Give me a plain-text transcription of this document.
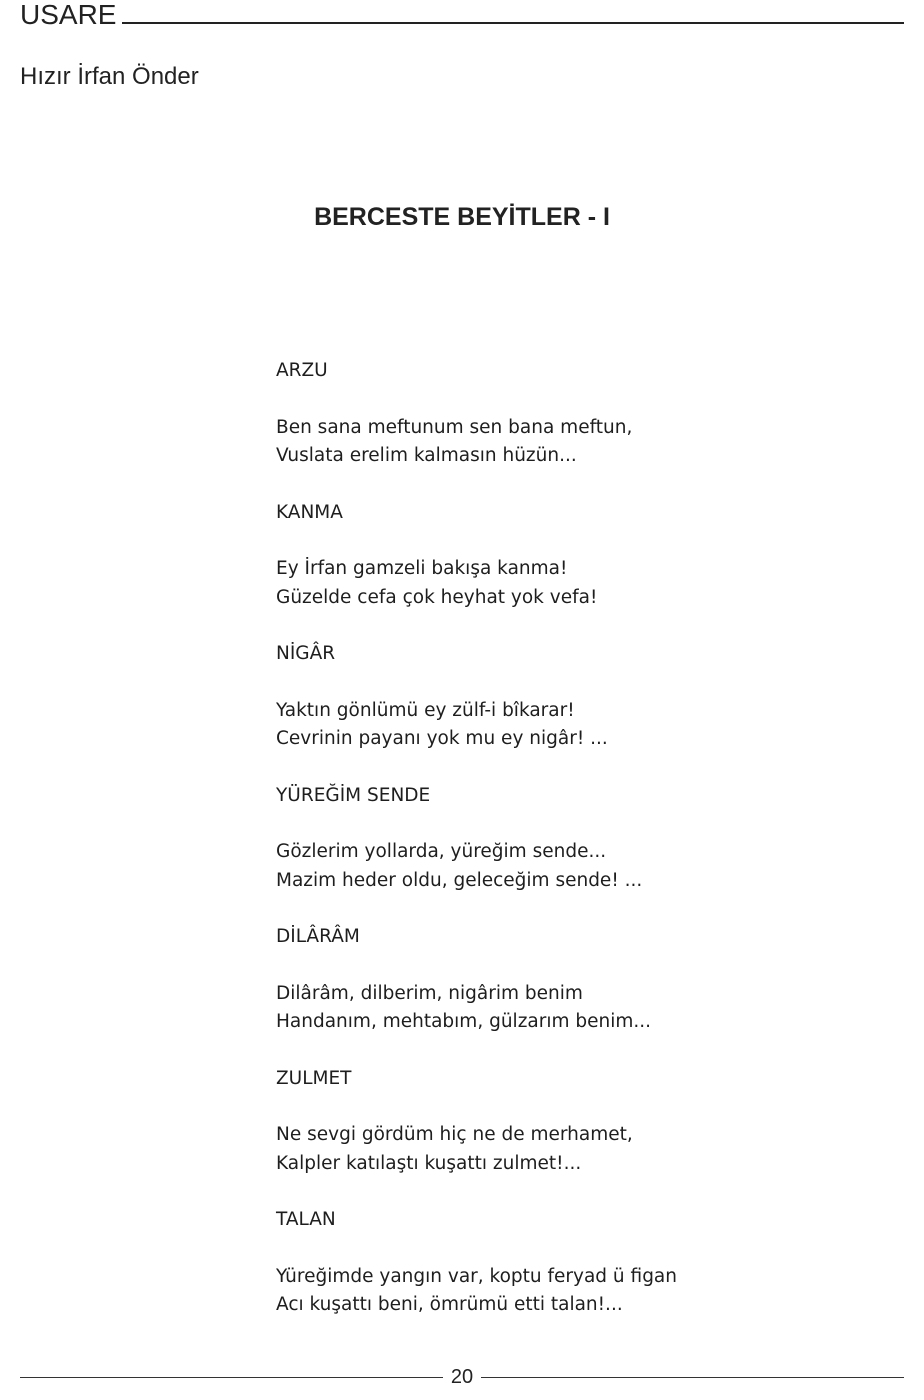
USARE
Hızır İrfan Önder
BERCESTE BEYİTLER - I
ARZU
Ben sana meftunum sen bana meftun,
Vuslata erelim kalmasın hüzün...
KANMA
Ey İrfan gamzeli bakışa kanma!
Güzelde cefa çok heyhat yok vefa!
NİGÂR
Yaktın gönlümü ey zülf-i bîkarar!
Cevrinin payanı yok mu ey nigâr! ...
YÜREĞİM SENDE
Gözlerim yollarda, yüreğim sende...
Mazim heder oldu, geleceğim sende! ...
DİLÂRÂM
Dilârâm, dilberim, nigârim benim
Handanım, mehtabım, gülzarım benim...
ZULMET
Ne sevgi gördüm hiç ne de merhamet,
Kalpler katılaştı kuşattı zulmet!...
TALAN
Yüreğimde yangın var, koptu feryad ü figan
Acı kuşattı beni, ömrümü etti talan!...
20
